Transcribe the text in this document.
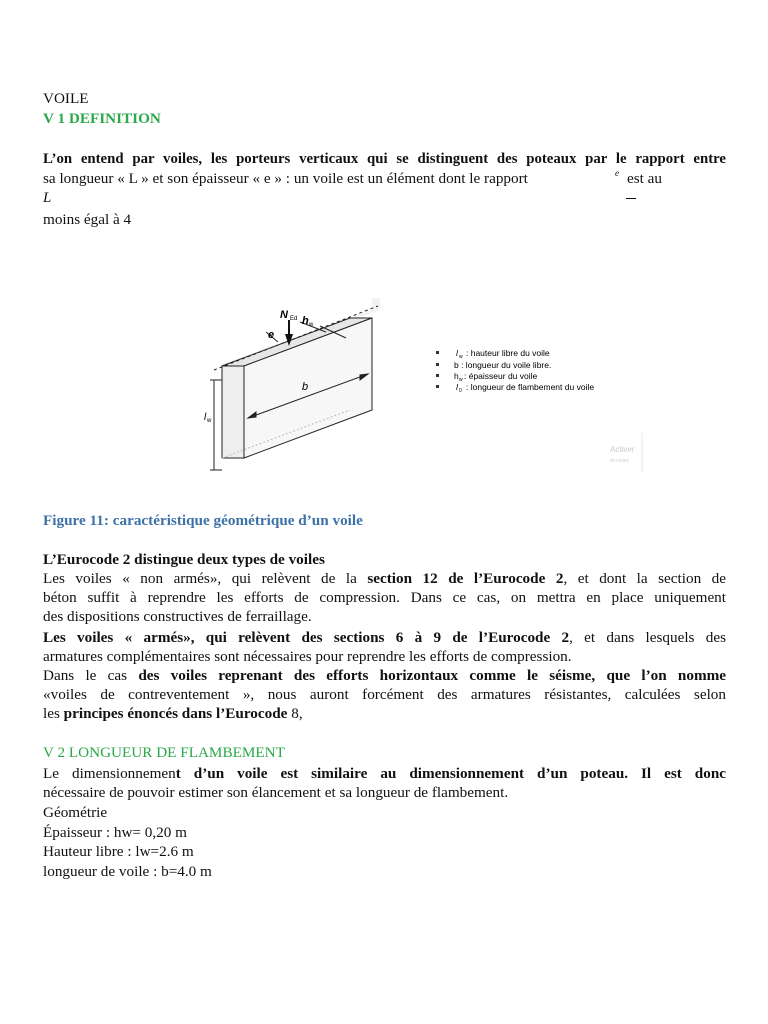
VOILE
V 1 DEFINITION
L’on entend par voiles, les porteurs verticaux qui se distinguent des poteaux par le rapport entre
sa longueur « L » et son épaisseur « e » : un voile est un élément dont le rapport	e est au
L
moins égal à 4
N Ed h w
e
b
l w
l w : hauteur libre du voile
b : longueur du voile libre.
h w : épaisseur du voile
l 0 : longueur de flambement du voile
Activer
Accédez
Figure 11: caractéristique géométrique d’un voile
L’Eurocode 2 distingue deux types de voiles
Les voiles « non armés», qui relèvent de la section 12 de l’Eurocode 2, et dont la section de
béton suffit à reprendre les efforts de compression. Dans ce cas, on mettra en place uniquement
des dispositions constructives de ferraillage.
Les voiles « armés», qui relèvent des sections 6 à 9 de l’Eurocode 2, et dans lesquels des
armatures complémentaires sont nécessaires pour reprendre les efforts de compression.
Dans le cas des voiles reprenant des efforts horizontaux comme le séisme, que l’on nomme
«voiles de contreventement », nous auront forcément des armatures résistantes, calculées selon
les principes énoncés dans l’Eurocode 8,
V 2 LONGUEUR DE FLAMBEMENT
Le dimensionnement d’un voile est similaire au dimensionnement d’un poteau. Il est donc
nécessaire de pouvoir estimer son élancement et sa longueur de flambement.
Géométrie
Épaisseur : hw= 0,20 m
Hauteur libre : lw=2.6 m
longueur de voile : b=4.0 m
